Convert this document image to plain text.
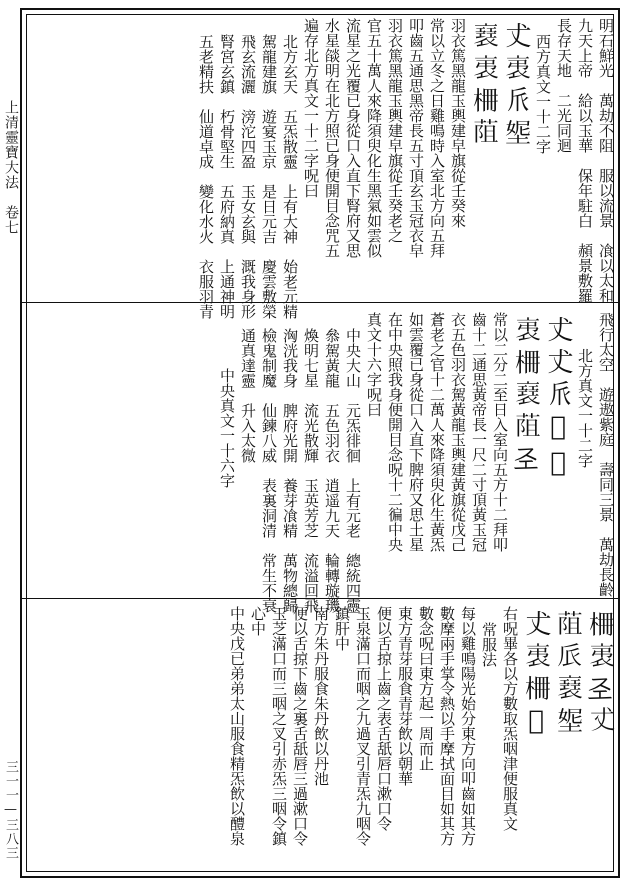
上清靈寶大法　卷七
三一一—三八三
明石鮮光　萬劫不阻　服以流景　飡以太和
九天上帝　給以玉華　保年駐白　頳景敷羅
長存天地　二光同迴
西方真文一十二字
𠀋𧘨𠂢𡌰
𧝑𧘨𣑭𦯓
羽衣篤黑龍玉輿建皁旗從壬癸來
常以立冬之日雞鳴時入室北方向五拜
叩齒五通思黑帝長五寸頂玄玉冠衣皁
羽衣篤黑龍玉輿建皁旗從壬癸老之
官五十萬人來降須臾化生黑氣如雲似
流星之光覆已身從口入直下腎府又思
水星燄明在北方照已身便開目念咒五
遍存北方真文一十二字呪曰
北方玄天　五炁散靈　上有大神　始老元精
駕龍建旗　遊宴玉京　是日元吉　慶雲敷榮
飛玄流灑　滂沱四盈　玉女玄與　溉我身形
腎宮玄鎮　朽骨堅生　五府納真　上通神明
五老精扶　仙道卓成　變化水火　衣服羽青
飛行太空　遊遨紫庭　壽同三景　萬劫長齡
北方真文一十二字
𠀋𠀋𠂢𦵀𡌰
𧘨𣑭𧝑𦯓𢀖
常以二分二至日入室向五方十二拜叩
齒十二通思黃帝長一尺二寸頂黃玉冠
衣五色羽衣駕黃龍玉輿建黃旗從戊己
蒼老之官十二萬人來降須臾化生黃炁
如雲覆已身從口入直下脾府又思土星
在中央照我身便開目念呪十二徧中央
真文十六字呪曰
中央大山　元炁徘徊　上有元老　總統四靈
叅駕黃龍　五色羽衣　逍遥九天　輪轉璇璣
煥明七星　流光散輝　玉英芳芝　流溢回飛
洶洸我身　脾府光開　養芽飡精　萬物總歸
檢鬼制魔　仙鍊八威　表裏洞清　常生不衰
通真達靈　升入太微
中央真文一十六字
𣑭𧘨𢀖𠀋
𦯓𠂢𧝑𡌰
𠀋𧘨𣑭𦵀
右呪畢各以方數取炁咽津便服真文
常服法
每以雞鳴陽光始分東方向叩齒如其方
數摩兩手掌令熱以手摩拭面目如其方
數念呪曰東方起一周而止
東方青芽服食青芽飲以朝華
便以舌掠上齒之表舌舐唇口漱口令
玉泉滿口而咽之九過叉引青炁九咽令
鎮肝中
南方朱丹服食朱丹飲以丹池
便以舌掠下齒之裏舌舐唇三過漱口令
玉芝滿口而三咽之叉引赤炁三咽令鎮
心中
中央戊已弟弟太山服食精炁飲以醴泉
